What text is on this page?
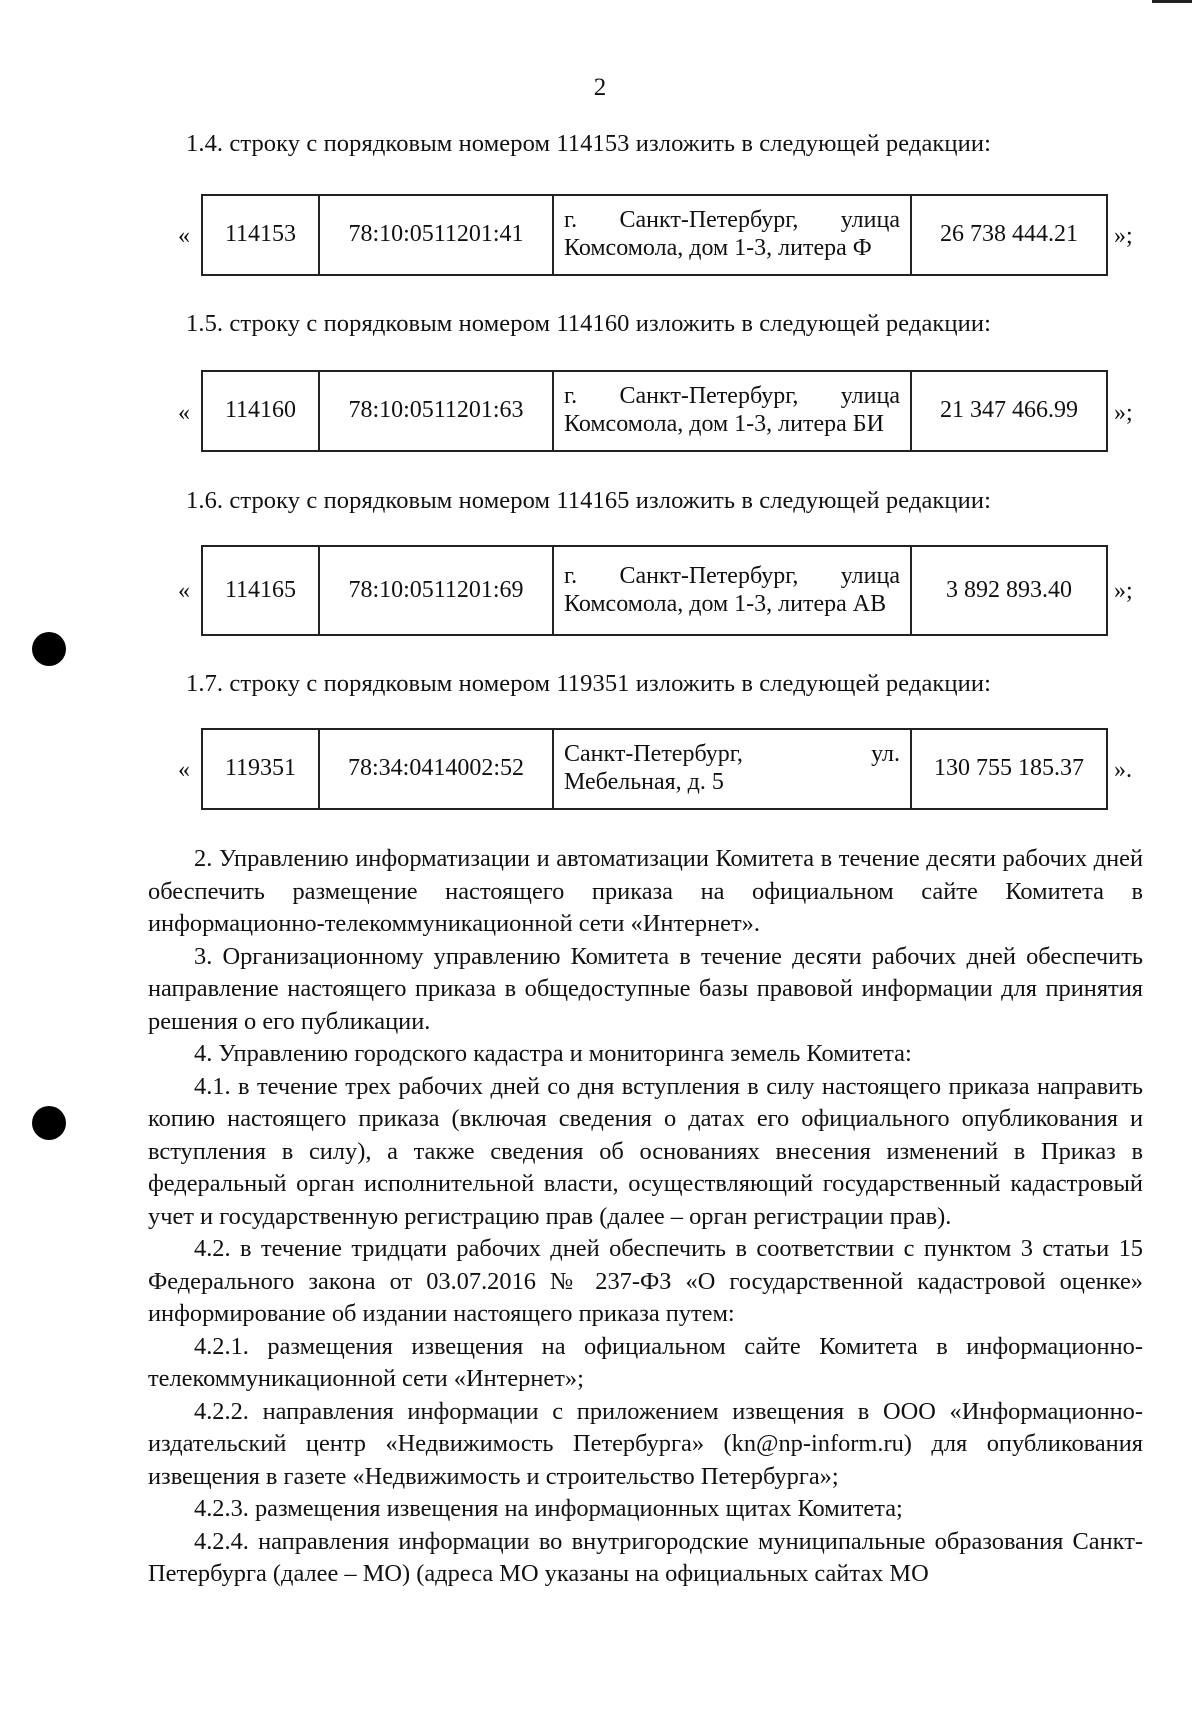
2
1.4. строку с порядковым номером 114153 изложить в следующей редакции:
« 114153	78:10:0511201:41	г. Санкт-Петербург, улица Комсомола, дом 1-3, литера Ф	26 738 444.21 »;
1.5. строку с порядковым номером 114160 изложить в следующей редакции:
« 114160	78:10:0511201:63	г. Санкт-Петербург, улица Комсомола, дом 1-3, литера БИ	21 347 466.99 »;
1.6. строку с порядковым номером 114165 изложить в следующей редакции:
« 114165	78:10:0511201:69	г. Санкт-Петербург, улица Комсомола, дом 1-3, литера АВ	3 892 893.40 »;
1.7. строку с порядковым номером 119351 изложить в следующей редакции:
« 119351	78:34:0414002:52	Санкт-Петербург, ул. Мебельная, д. 5	130 755 185.37 ».

2. Управлению информатизации и автоматизации Комитета в течение десяти рабочих дней обеспечить размещение настоящего приказа на официальном сайте Комитета в информационно-телекоммуникационной сети «Интернет».

3. Организационному управлению Комитета в течение десяти рабочих дней обеспечить направление настоящего приказа в общедоступные базы правовой информации для принятия решения о его публикации.

4. Управлению городского кадастра и мониторинга земель Комитета:

4.1. в течение трех рабочих дней со дня вступления в силу настоящего приказа направить копию настоящего приказа (включая сведения о датах его официального опубликования и вступления в силу), а также сведения об основаниях внесения изменений в Приказ в федеральный орган исполнительной власти, осуществляющий государственный кадастровый учет и государственную регистрацию прав (далее – орган регистрации прав).

4.2. в течение тридцати рабочих дней обеспечить в соответствии с пунктом 3 статьи 15 Федерального закона от 03.07.2016 № 237-ФЗ «О государственной кадастровой оценке» информирование об издании настоящего приказа путем:

4.2.1. размещения извещения на официальном сайте Комитета в информационно-телекоммуникационной сети «Интернет»;

4.2.2. направления информации с приложением извещения в ООО «Информационно-издательский центр «Недвижимость Петербурга» (kn@np-inform.ru) для опубликования извещения в газете «Недвижимость и строительство Петербурга»;

4.2.3. размещения извещения на информационных щитах Комитета;

4.2.4. направления информации во внутригородские муниципальные образования Санкт-Петербурга (далее – МО) (адреса МО указаны на официальных сайтах МО
